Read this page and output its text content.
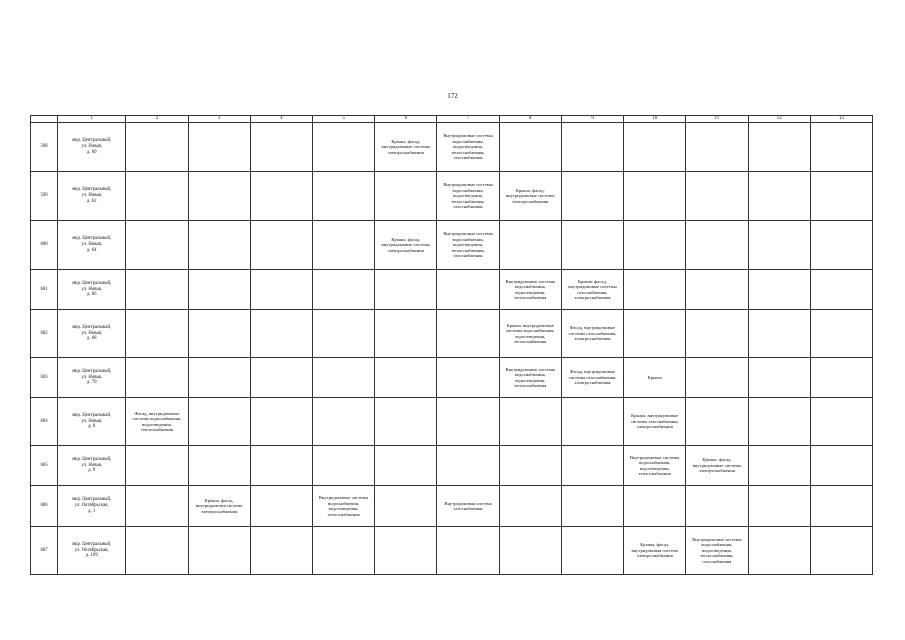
172
	1	2	3	4	5	6	7	8	9	10	11	12	13
598	мкр. Центральный,
ул. Новая,
д. 60					Крыша, фасад, внутридомовые системы электроснабжения	Внутридомовые системы водоснабжения, водоотведения, теплоснабжения, газоснабжения						
599	мкр. Центральный,
ул. Новая,
д. 62						Внутридомовые системы водоснабжения, водоотведения, теплоснабжения, газоснабжения	Крыша, фасад, внутридомовые системы электроснабжения					
600	мкр. Центральный,
ул. Новая,
д. 64					Крыша, фасад, внутридомовые системы электроснабжения	Внутридомовые системы водоснабжения, водоотведения, теплоснабжения, газоснабжения						
601	мкр. Центральный,
ул. Новая,
д. 66							Внутридомовые системы водоснабжения, водоотведения, теплоснабжения	Крыша, фасад, внутридомовые системы газоснабжения, электроснабжения				
602	мкр. Центральный,
ул. Новая,
д. 68							Крыша, внутридомовые системы водоснабжения, водоотведения, теплоснабжения	Фасад, внутридомовые системы газоснабжения, электроснабжения				
603	мкр. Центральный,
ул. Новая,
д. 70							Внутридомовые системы водоснабжения, водоотведения, теплоснабжения	Фасад, внутридомовые системы газоснабжения, электроснабжения	Крыша			
604	мкр. Центральный,
ул. Новая,
д. 8	Фасад, внутридомовые системы водоснабжения, водоотведения, теплоснабжения								Крыша, внутридомовые системы газоснабжения, электроснабжения			
605	мкр. Центральный,
ул. Новая,
д. 9									Внутридомовые системы водоснабжения, водоотведения, теплоснабжения	Крыша, фасад, внутридомовые системы электроснабжения		
606	мкр. Центральный,
ул. Октябрьская,
д. 1		Крыша, фасад, внутридомовая система электроснабжения		Внутридомовые системы водоснабжения, водоотведения, теплоснабжения		Внутридомовая система газоснабжения						
607	мкр. Центральный,
ул. Октябрьская,
д. 109									Крыша, фасад, внутридомовая система электроснабжения	Внутридомовые системы водоснабжения, водоотведения, теплоснабжения, газоснабжения		
